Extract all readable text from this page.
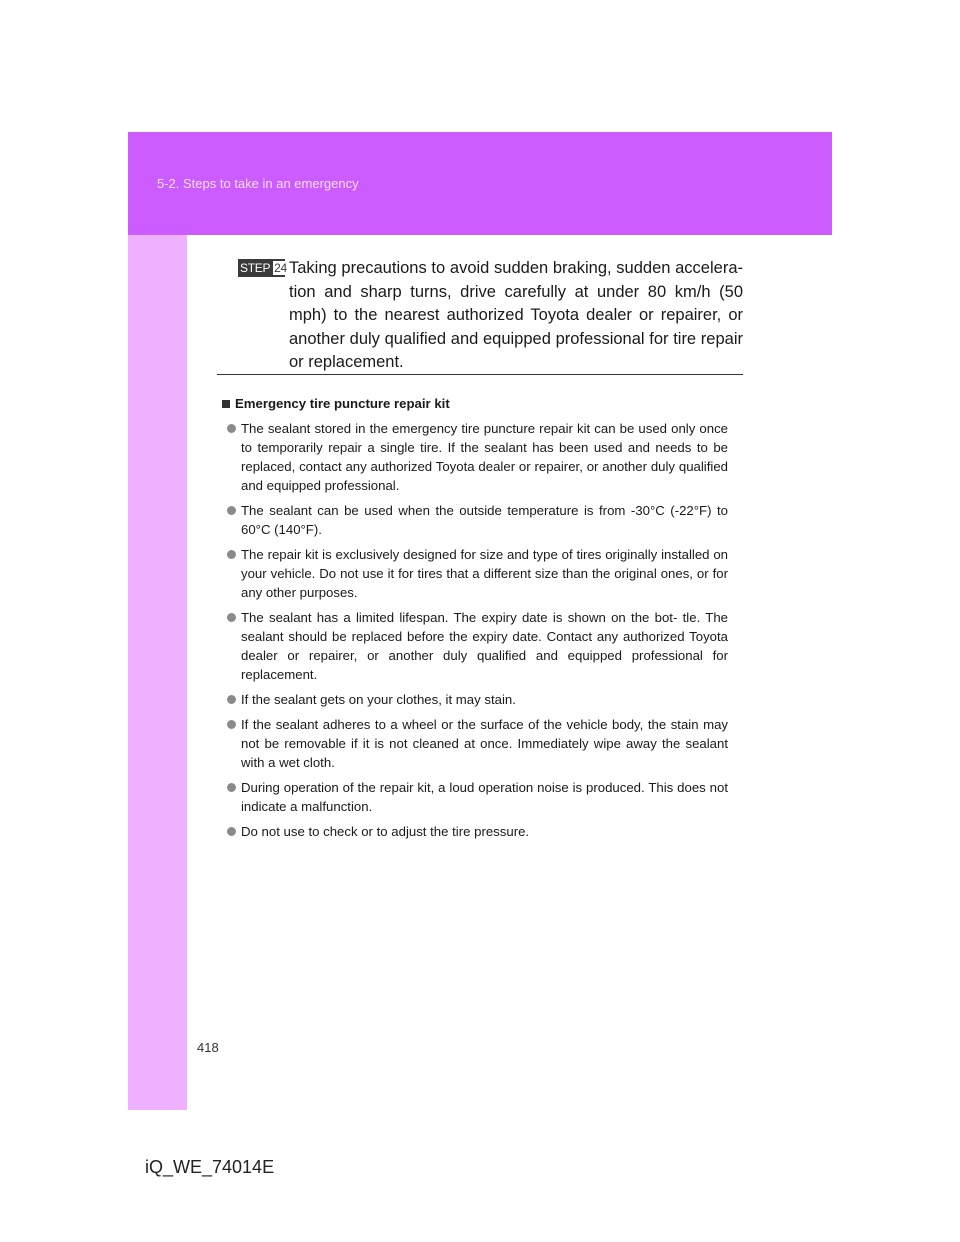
5-2. Steps to take in an emergency
STEP 24 Taking precautions to avoid sudden braking, sudden accelera- tion and sharp turns, drive carefully at under 80 km/h (50 mph) to the nearest authorized Toyota dealer or repairer, or another duly qualified and equipped professional for tire repair or replacement.
Emergency tire puncture repair kit
The sealant stored in the emergency tire puncture repair kit can be used only once to temporarily repair a single tire. If the sealant has been used and needs to be replaced, contact any authorized Toyota dealer or repairer, or another duly qualified and equipped professional.
The sealant can be used when the outside temperature is from -30°C (-22°F) to 60°C (140°F).
The repair kit is exclusively designed for size and type of tires originally installed on your vehicle. Do not use it for tires that a different size than the original ones, or for any other purposes.
The sealant has a limited lifespan. The expiry date is shown on the bot- tle. The sealant should be replaced before the expiry date. Contact any authorized Toyota dealer or repairer, or another duly qualified and equipped professional for replacement.
If the sealant gets on your clothes, it may stain.
If the sealant adheres to a wheel or the surface of the vehicle body, the stain may not be removable if it is not cleaned at once. Immediately wipe away the sealant with a wet cloth.
During operation of the repair kit, a loud operation noise is produced. This does not indicate a malfunction.
Do not use to check or to adjust the tire pressure.
418
iQ_WE_74014E
